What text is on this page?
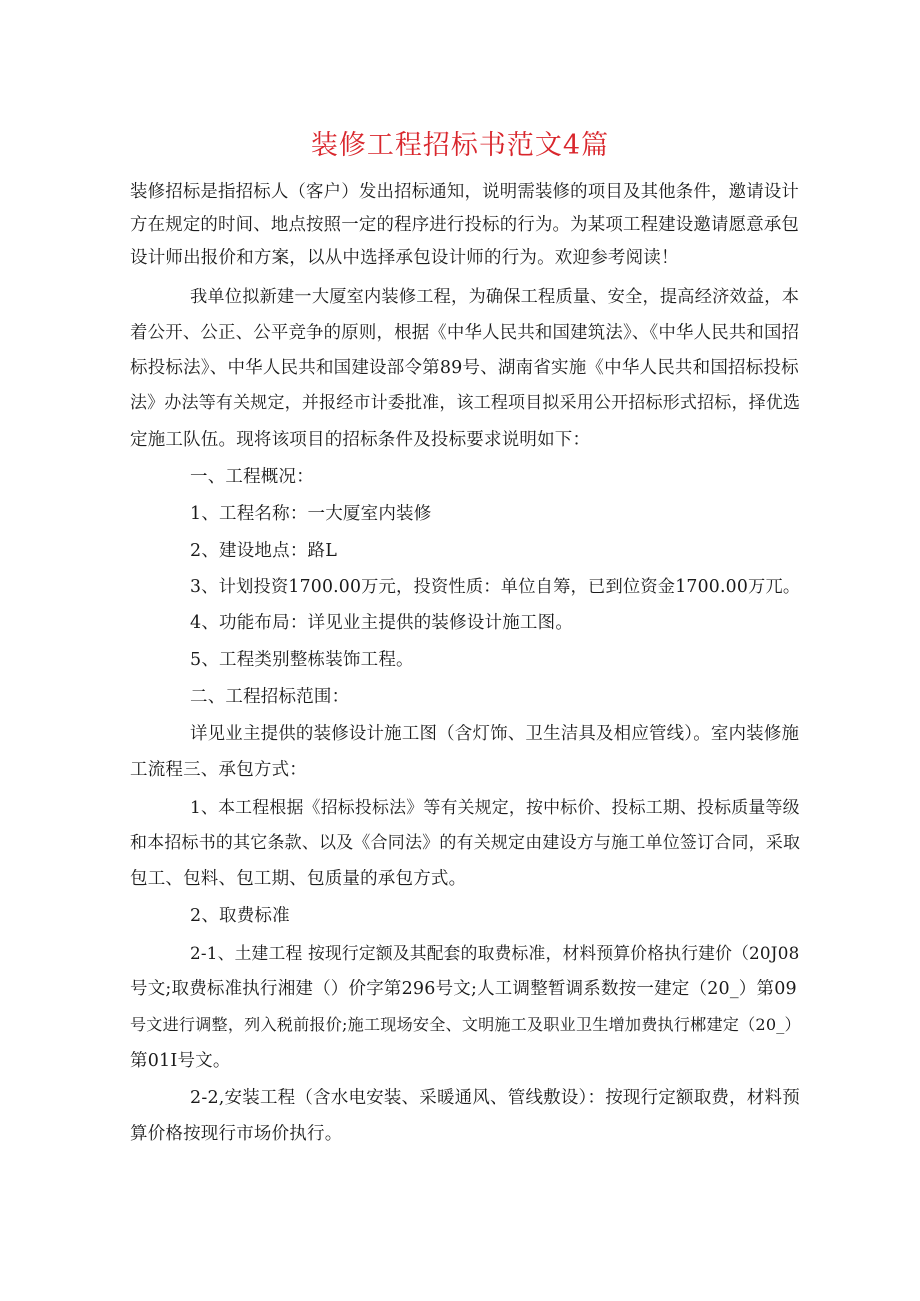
装修工程招标书范文4篇
装修招标是指招标人（客户）发出招标通知，说明需装修的项目及其他条件，邀请设计
方在规定的时间、地点按照一定的程序进行投标的行为。为某项工程建设邀请愿意承包
设计师出报价和方案，以从中选择承包设计师的行为。欢迎参考阅读！
我单位拟新建一大厦室内装修工程，为确保工程质量、安全，提高经济效益，本
着公开、公正、公平竞争的原则，根据《中华人民共和国建筑法》、《中华人民共和国招
标投标法》、中华人民共和国建设部令第89号、湖南省实施《中华人民共和国招标投标
法》办法等有关规定，并报经市计委批准，该工程项目拟采用公开招标形式招标，择优选
定施工队伍。现将该项目的招标条件及投标要求说明如下：
一、工程概况：
1、工程名称：一大厦室内装修
2、建设地点：路L
3、计划投资1700.00万元，投资性质：单位自筹，已到位资金1700.00万兀。
4、功能布局：详见业主提供的装修设计施工图。
5、工程类别整栋装饰工程。
二、工程招标范围：
详见业主提供的装修设计施工图（含灯饰、卫生洁具及相应管线）。室内装修施
工流程三、承包方式：
1、本工程根据《招标投标法》等有关规定，按中标价、投标工期、投标质量等级
和本招标书的其它条款、以及《合同法》的有关规定由建设方与施工单位签订合同，采取
包工、包料、包工期、包质量的承包方式。
2、取费标准
2-1、土建工程 按现行定额及其配套的取费标准，材料预算价格执行建价（20J08
号文;取费标准执行湘建（）价字第296号文;人工调整暂调系数按一建定（20_）第09
号文进行调整，列入税前报价;施工现场安全、文明施工及职业卫生增加费执行郴建定（20_）
第01I号文。
2-2,安装工程（含水电安装、采暖通风、管线敷设）：按现行定额取费，材料预
算价格按现行市场价执行。
